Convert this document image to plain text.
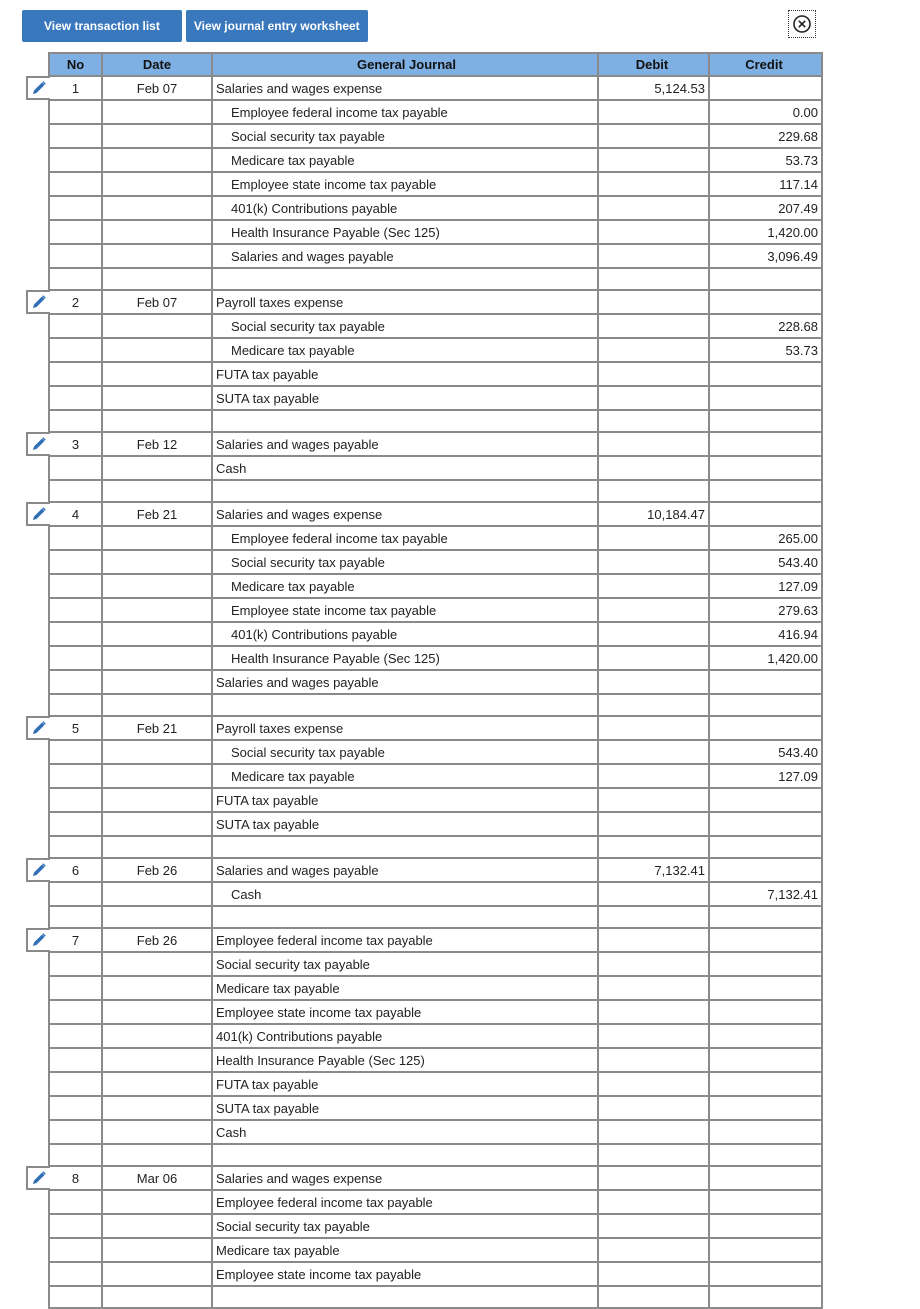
View transaction list	View journal entry worksheet
No	Date	General Journal	Debit	Credit
1	Feb 07	Salaries and wages expense	5,124.53	
		Employee federal income tax payable		0.00
		Social security tax payable		229.68
		Medicare tax payable		53.73
		Employee state income tax payable		117.14
		401(k) Contributions payable		207.49
		Health Insurance Payable (Sec 125)		1,420.00
		Salaries and wages payable		3,096.49

2	Feb 07	Payroll taxes expense		
		Social security tax payable		228.68
		Medicare tax payable		53.73
		FUTA tax payable		
		SUTA tax payable		

3	Feb 12	Salaries and wages payable		
		Cash		

4	Feb 21	Salaries and wages expense	10,184.47	
		Employee federal income tax payable		265.00
		Social security tax payable		543.40
		Medicare tax payable		127.09
		Employee state income tax payable		279.63
		401(k) Contributions payable		416.94
		Health Insurance Payable (Sec 125)		1,420.00
		Salaries and wages payable		

5	Feb 21	Payroll taxes expense		
		Social security tax payable		543.40
		Medicare tax payable		127.09
		FUTA tax payable		
		SUTA tax payable		

6	Feb 26	Salaries and wages payable	7,132.41	
		Cash		7,132.41

7	Feb 26	Employee federal income tax payable		
		Social security tax payable		
		Medicare tax payable		
		Employee state income tax payable		
		401(k) Contributions payable		
		Health Insurance Payable (Sec 125)		
		FUTA tax payable		
		SUTA tax payable		
		Cash		

8	Mar 06	Salaries and wages expense		
		Employee federal income tax payable		
		Social security tax payable		
		Medicare tax payable		
		Employee state income tax payable		
